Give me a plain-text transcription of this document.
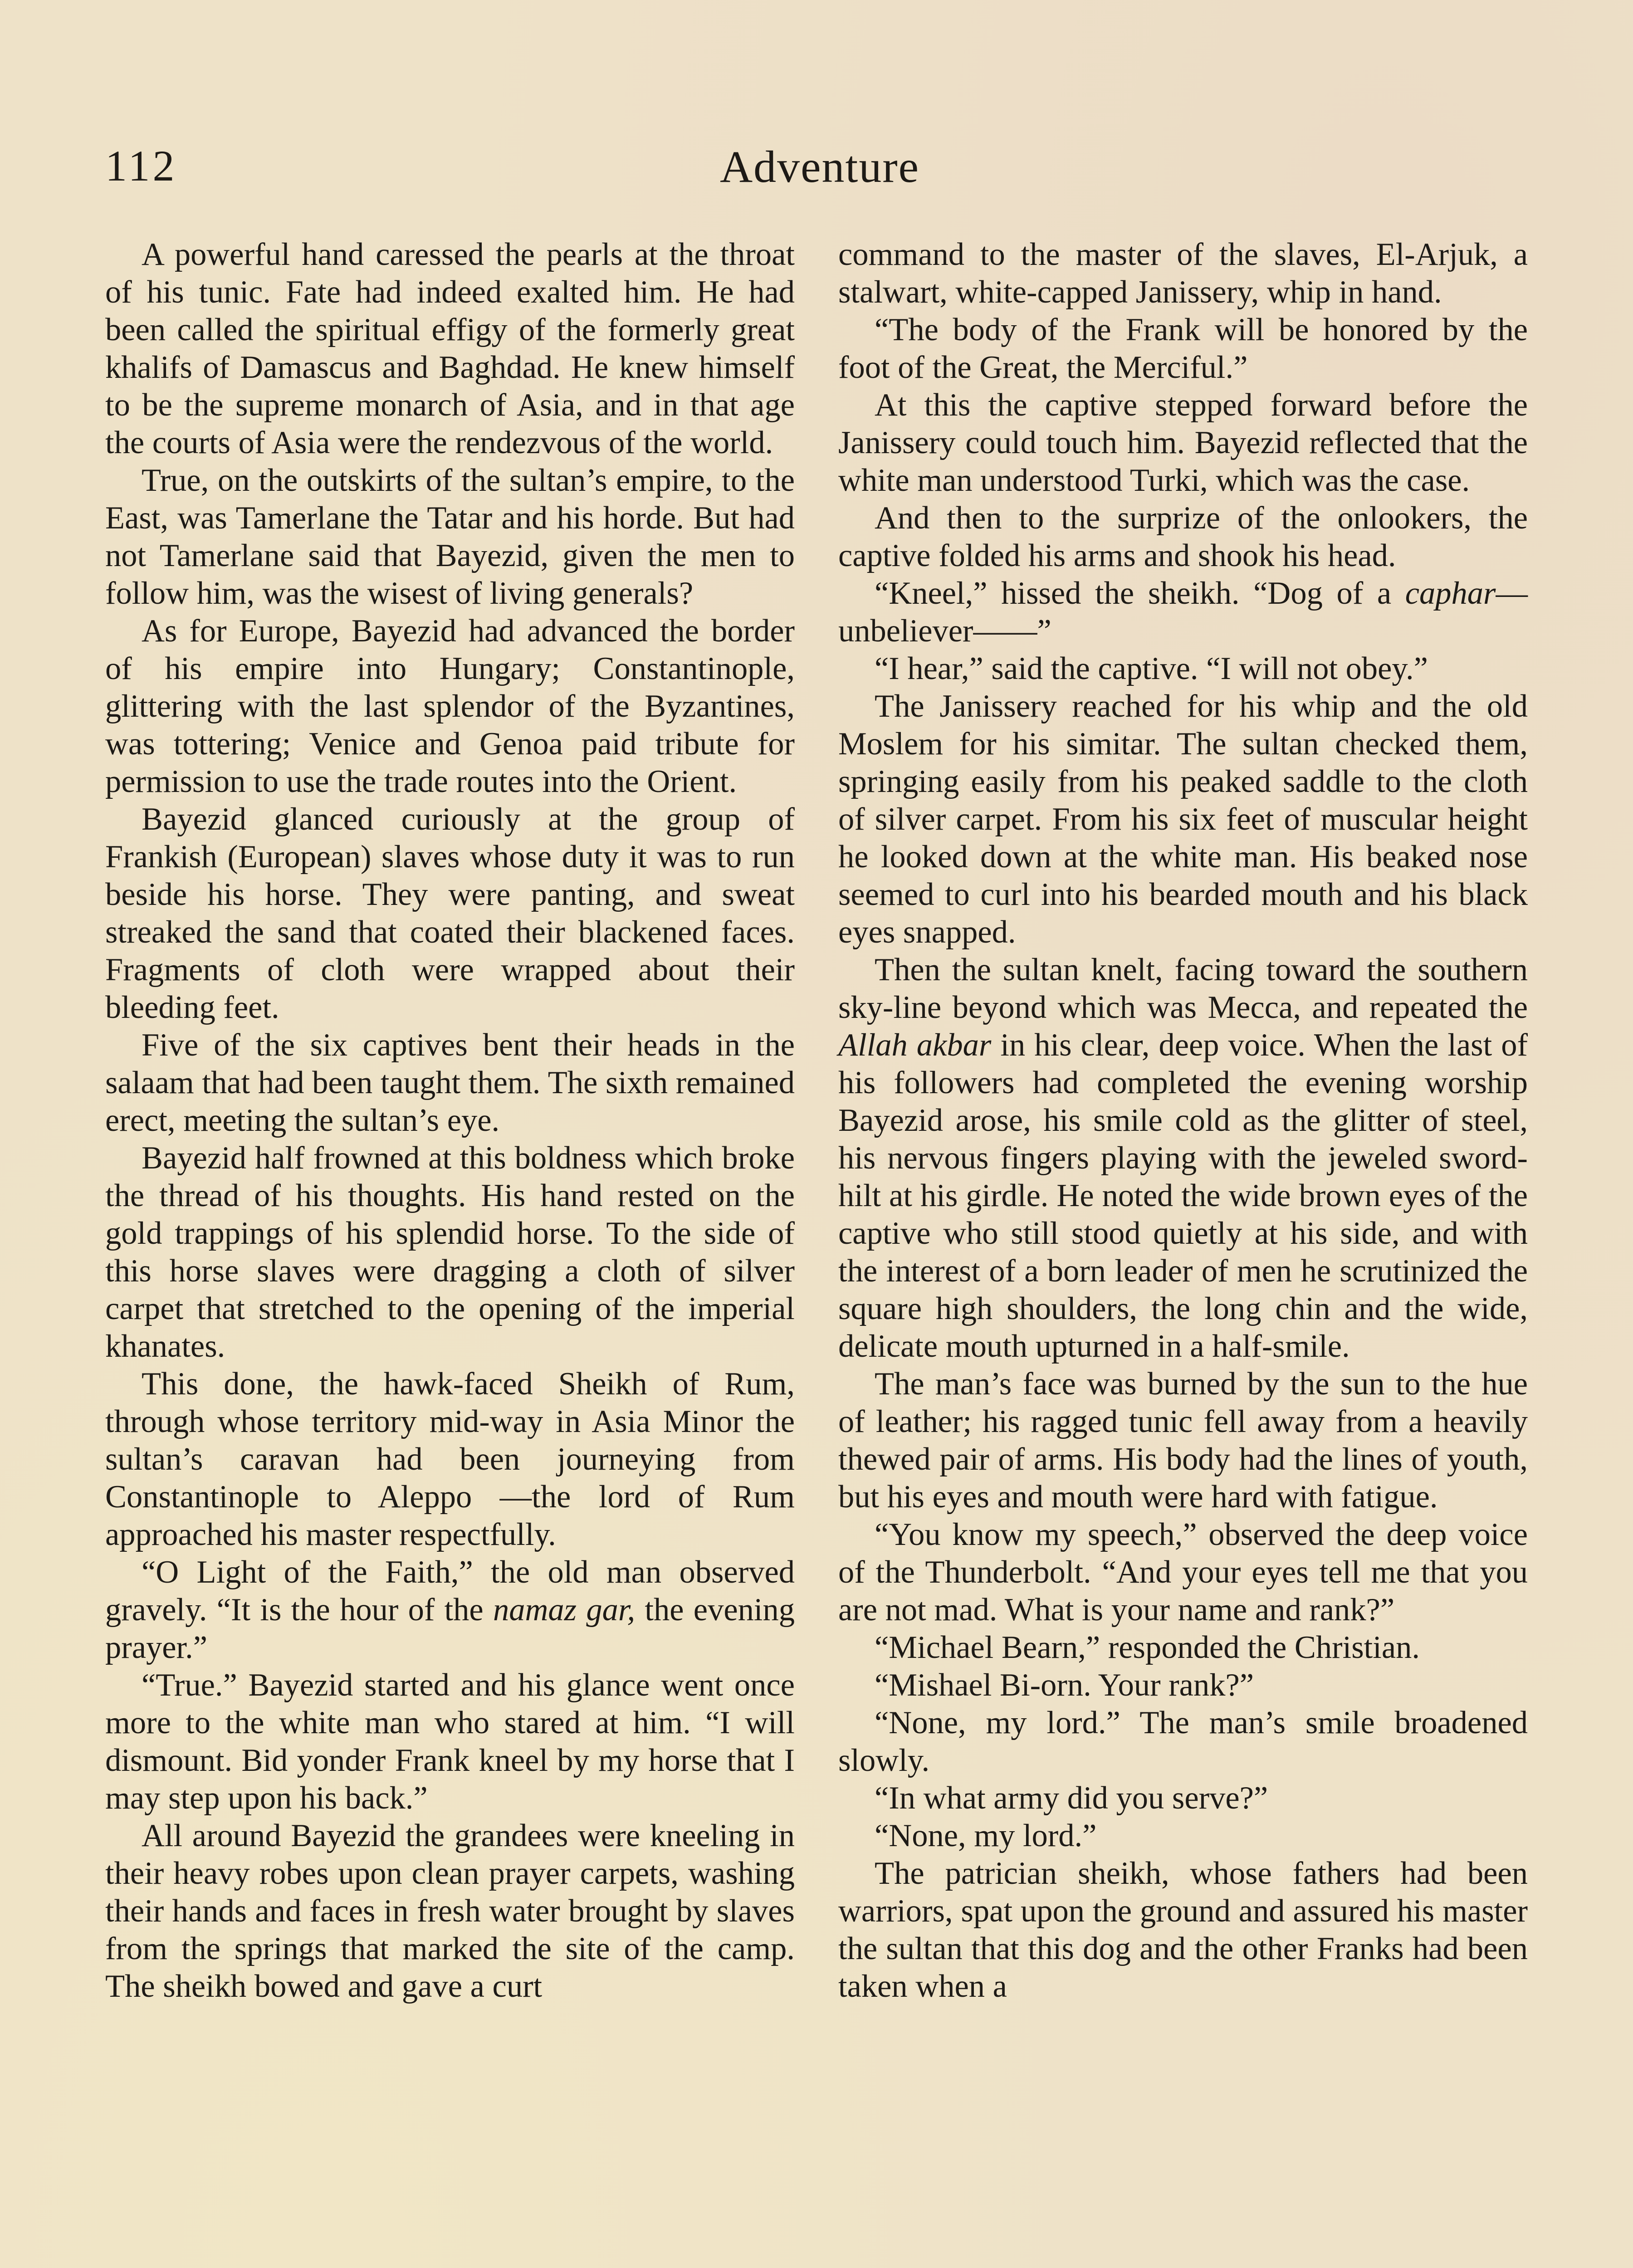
112	Adventure

A powerful hand caressed the pearls at the throat of his tunic. Fate had indeed exalted him. He had been called the spiritual effigy of the formerly great khalifs of Damascus and Baghdad. He knew himself to be the supreme monarch of Asia, and in that age the courts of Asia were the rendezvous of the world.

True, on the outskirts of the sultan’s empire, to the East, was Tamerlane the Tatar and his horde. But had not Tamerlane said that Bayezid, given the men to follow him, was the wisest of living generals?

As for Europe, Bayezid had advanced the border of his empire into Hungary; Constantinople, glittering with the last splendor of the Byzantines, was tottering; Venice and Genoa paid tribute for permission to use the trade routes into the Orient.

Bayezid glanced curiously at the group of Frankish (European) slaves whose duty it was to run beside his horse. They were panting, and sweat streaked the sand that coated their blackened faces. Fragments of cloth were wrapped about their bleeding feet.

Five of the six captives bent their heads in the salaam that had been taught them. The sixth remained erect, meeting the sultan’s eye.

Bayezid half frowned at this boldness which broke the thread of his thoughts. His hand rested on the gold trappings of his splendid horse. To the side of this horse slaves were dragging a cloth of silver carpet that stretched to the opening of the imperial khanates.

This done, the hawk-faced Sheikh of Rum, through whose territory mid-way in Asia Minor the sultan’s caravan had been journeying from Constantinople to Aleppo —the lord of Rum approached his master respectfully.

“O Light of the Faith,” the old man observed gravely. “It is the hour of the namaz gar, the evening prayer.”

“True.” Bayezid started and his glance went once more to the white man who stared at him. “I will dismount. Bid yonder Frank kneel by my horse that I may step upon his back.”

All around Bayezid the grandees were kneeling in their heavy robes upon clean prayer carpets, washing their hands and faces in fresh water brought by slaves from the springs that marked the site of the camp. The sheikh bowed and gave a curt

command to the master of the slaves, El-Arjuk, a stalwart, white-capped Janissery, whip in hand.

“The body of the Frank will be honored by the foot of the Great, the Merciful.”

At this the captive stepped forward before the Janissery could touch him. Bayezid reflected that the white man understood Turki, which was the case.

And then to the surprize of the onlookers, the captive folded his arms and shook his head.

“Kneel,” hissed the sheikh. “Dog of a caphar—unbeliever——”

“I hear,” said the captive. “I will not obey.”

The Janissery reached for his whip and the old Moslem for his simitar. The sultan checked them, springing easily from his peaked saddle to the cloth of silver carpet. From his six feet of muscular height he looked down at the white man. His beaked nose seemed to curl into his bearded mouth and his black eyes snapped.

Then the sultan knelt, facing toward the southern sky-line beyond which was Mecca, and repeated the Allah akbar in his clear, deep voice. When the last of his followers had completed the evening worship Bayezid arose, his smile cold as the glitter of steel, his nervous fingers playing with the jeweled sword-hilt at his girdle. He noted the wide brown eyes of the captive who still stood quietly at his side, and with the interest of a born leader of men he scrutinized the square high shoulders, the long chin and the wide, delicate mouth upturned in a half-smile.

The man’s face was burned by the sun to the hue of leather; his ragged tunic fell away from a heavily thewed pair of arms. His body had the lines of youth, but his eyes and mouth were hard with fatigue.

“You know my speech,” observed the deep voice of the Thunderbolt. “And your eyes tell me that you are not mad. What is your name and rank?”

“Michael Bearn,” responded the Christian.

“Mishael Bi-orn. Your rank?”

“None, my lord.” The man’s smile broadened slowly.

“In what army did you serve?”

“None, my lord.”

The patrician sheikh, whose fathers had been warriors, spat upon the ground and assured his master the sultan that this dog and the other Franks had been taken when a
